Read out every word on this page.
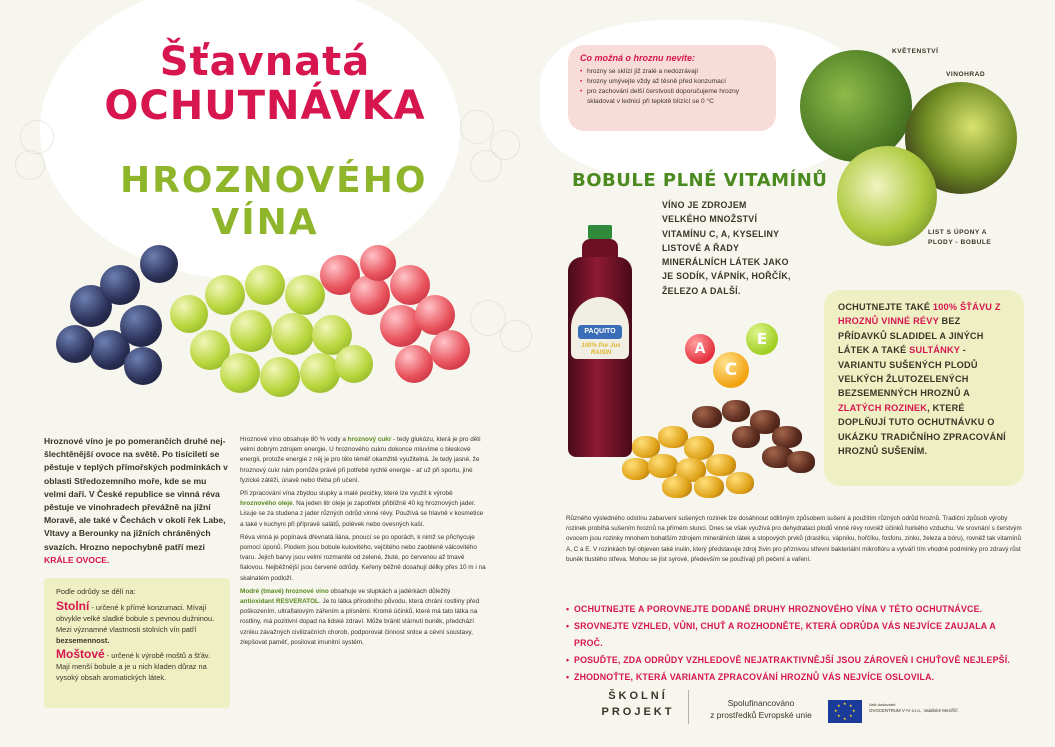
Šťavnatá
OCHUTNÁVKA
HROZNOVÉHO
VÍNA
Hroznové víno je po pomerančích druhé nej-šlechtěnější ovoce na světě. Po tisíciletí se pěstuje v teplých přímořských podmínkách v oblasti Středozemního moře, kde se mu velmi daří. V České republice se vinná réva pěstuje ve vinohradech převážně na jižní Moravě, ale také v Čechách v okolí řek Labe, Vltavy a Berounky na jižních chráněných svazích. Hrozno nepochybně patří mezi KRÁLE OVOCE.
Podle odrůdy se dělí na:
Stolní - určené k přímé konzumaci. Mívají obvykle velké sladké bobule s pevnou dužninou. Mezi významné vlastnosti stolních vín patří bezsemennost.
Moštové - určené k výrobě moštů a šťáv. Mají menší bobule a je u nich kladen důraz na vysoký obsah aromatických látek.

Hroznové víno obsahuje 80 % vody a hroznový cukr - tedy glukózu, která je pro děti velmi dobrým zdrojem energie. U hroznového cukru dokonce mluvíme o bleskové energii, protože energie z něj je pro tělo téměř okamžitě využitelná. Je tedy jasné, že hroznový cukr nám pomůže právě při potřebě rychlé energie - ať už při sportu, jiné fyzické zátěži, únavě nebo třeba při učení.

Při zpracování vína zbydou slupky a malé pecičky, které lze využít k výrobě hroznového oleje. Na jeden litr oleje je zapotřebí přibližně 40 kg hroznových jader. Lisuje se za studena z jader různých odrůd vinné révy. Používá se hlavně v kosmetice a také v kuchyni při přípravě salátů, polévek nebo ovesných kaší.

Réva vinná je popínavá dřevnatá liána, pnoucí se po oporách, k nimž se přichycuje pomocí úponů. Plodem jsou bobule kulovitého, vejčitého nebo zaobleně válcovitého tvaru. Jejich barvy jsou velmi rozmanité od zelené, žluté, po červenou až tmavě fialovou. Nejběžnější jsou červené odrůdy. Keřeny běžně dosahují délky přes 10 m i na skalnatém podloží.

Modré (tmavé) hroznové víno obsahuje ve slupkách a jadérkách důležitý antioxidant RESVERATOL. Je to látka přírodního původu, která chrání rostliny před poškozením, ultrafialovým zářením a plísněmi. Kromě účinků, které má tato látka na rostliny, má pozitivní dopad na lidské zdraví. Může bránit stárnutí buněk, předchází vzniku závažných civilizačních chorob, podporovat činnost srdce a cévní soustavy, zlepšovat paměť, posilovat imunitní systém.

Co možná o hroznu nevíte:
• hrozny se sklízí již zralé a nedozrávají
• hrozny umývejte vždy až těsně před konzumací
• pro zachování delší čerstvosti doporučujeme hrozny skladovat v lednici při teplotě blízící se 0 °C
KVĚTENSTVÍ
VINOHRAD
LIST S ÚPONY A PLODY - BOBULE
BOBULE PLNÉ VITAMÍNŮ
VÍNO JE ZDROJEM VELKÉHO MNOŽSTVÍ VITAMÍNU C, A, KYSELINY LISTOVÉ A ŘADY MINERÁLNÍCH LÁTEK JAKO JE SODÍK, VÁPNÍK, HOŘČÍK, ŽELEZO A DALŠÍ.
PAQUITO
100% Pur Jus RAISIN	A
C
E
OCHUTNEJTE TAKÉ 100% ŠŤÁVU Z HROZNŮ VINNÉ RÉVY BEZ PŘÍDAVKŮ SLADIDEL A JINÝCH LÁTEK A TAKÉ SULTÁNKY - VARIANTU SUŠENÝCH PLODŮ VELKÝCH ŽLUTOZELENÝCH BEZSEMENNÝCH HROZNŮ A ZLATÝCH ROZINEK, KTERÉ DOPLŇUJÍ TUTO OCHUTNÁVKU O UKÁZKU TRADIČNÍHO ZPRACOVÁNÍ HROZNŮ SUŠENÍM.
Různého výsledného odstínu zabarvení sušených rozinek lze dosáhnout odlišným způsobem sušení a použitím různých odrůd hroznů. Tradiční způsob výroby rozinek probíhá sušením hroznů na přímém slunci. Dnes se však využívá pro dehydrataci plodů vinné révy rovněž účinků horkého vzduchu. Ve srovnání s čerstvým ovocem jsou rozinky mnohem bohatším zdrojem minerálních látek a stopových prvků (draslíku, vápníku, hořčíku, fosforu, zinku, železa a bóru), rovněž tak vitamínů A, C a E. V rozinkách byl objeven také inulin, který představuje zdroj živin pro příznivou střevní bakteriální mikroflóru a vytváří tím vhodné podmínky pro zdravý růst buněk tlustého střeva. Mohou se jíst syrové, především se používají při pečení a vaření.
• OCHUTNEJTE A POROVNEJTE DODANÉ DRUHY HROZNOVÉHO VÍNA V TÉTO OCHUTNÁVCE.
• SROVNEJTE VZHLED, VŮNI, CHUŤ A ROZHODNĚTE, KTERÁ ODRŮDA VÁS NEJVÍCE ZAUJALA A PROČ.
• POSUĎTE, ZDA ODRŮDY VZHLEDOVĚ NEJATRAKTIVNĚJŠÍ JSOU ZÁROVEŇ I CHUŤOVĚ NEJLEPŠÍ.
• ZHODNOŤTE, KTERÁ VARIANTA ZPRACOVÁNÍ HROZNŮ VÁS NEJVÍCE OSLOVILA.
ŠKOLNÍ
PROJEKT
Spolufinancováno
z prostředků Evropské unie
★ ★
★
★
★
★
★
★	Vaši dodavatel:
OVOCENTRUM V+V s.r.o., Valašské Meziříčí
